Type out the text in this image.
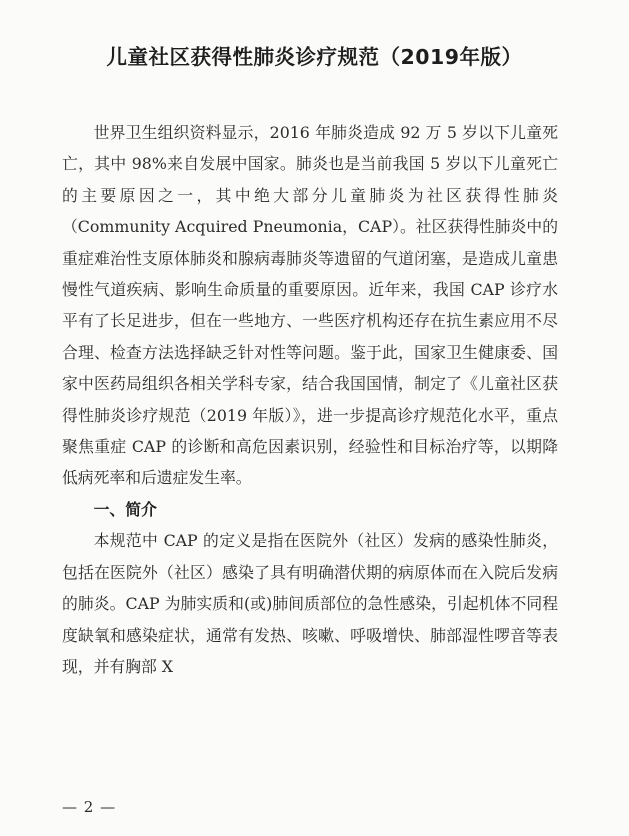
儿童社区获得性肺炎诊疗规范（2019年版）

世界卫生组织资料显示，2016 年肺炎造成 92 万 5 岁以下儿童死亡，其中 98%来自发展中国家。肺炎也是当前我国 5 岁以下儿童死亡的主要原因之一，其中绝大部分儿童肺炎为社区获得性肺炎（Community Acquired Pneumonia，CAP）。社区获得性肺炎中的重症难治性支原体肺炎和腺病毒肺炎等遗留的气道闭塞，是造成儿童患慢性气道疾病、影响生命质量的重要原因。近年来，我国 CAP 诊疗水平有了长足进步，但在一些地方、一些医疗机构还存在抗生素应用不尽合理、检查方法选择缺乏针对性等问题。鉴于此，国家卫生健康委、国家中医药局组织各相关学科专家，结合我国国情，制定了《儿童社区获得性肺炎诊疗规范（2019 年版）》，进一步提高诊疗规范化水平，重点聚焦重症 CAP 的诊断和高危因素识别，经验性和目标治疗等，以期降低病死率和后遗症发生率。

一、简介

本规范中 CAP 的定义是指在医院外（社区）发病的感染性肺炎，包括在医院外（社区）感染了具有明确潜伏期的病原体而在入院后发病的肺炎。CAP 为肺实质和(或)肺间质部位的急性感染，引起机体不同程度缺氧和感染症状，通常有发热、咳嗽、呼吸增快、肺部湿性啰音等表现，并有胸部 X

— 2 —
